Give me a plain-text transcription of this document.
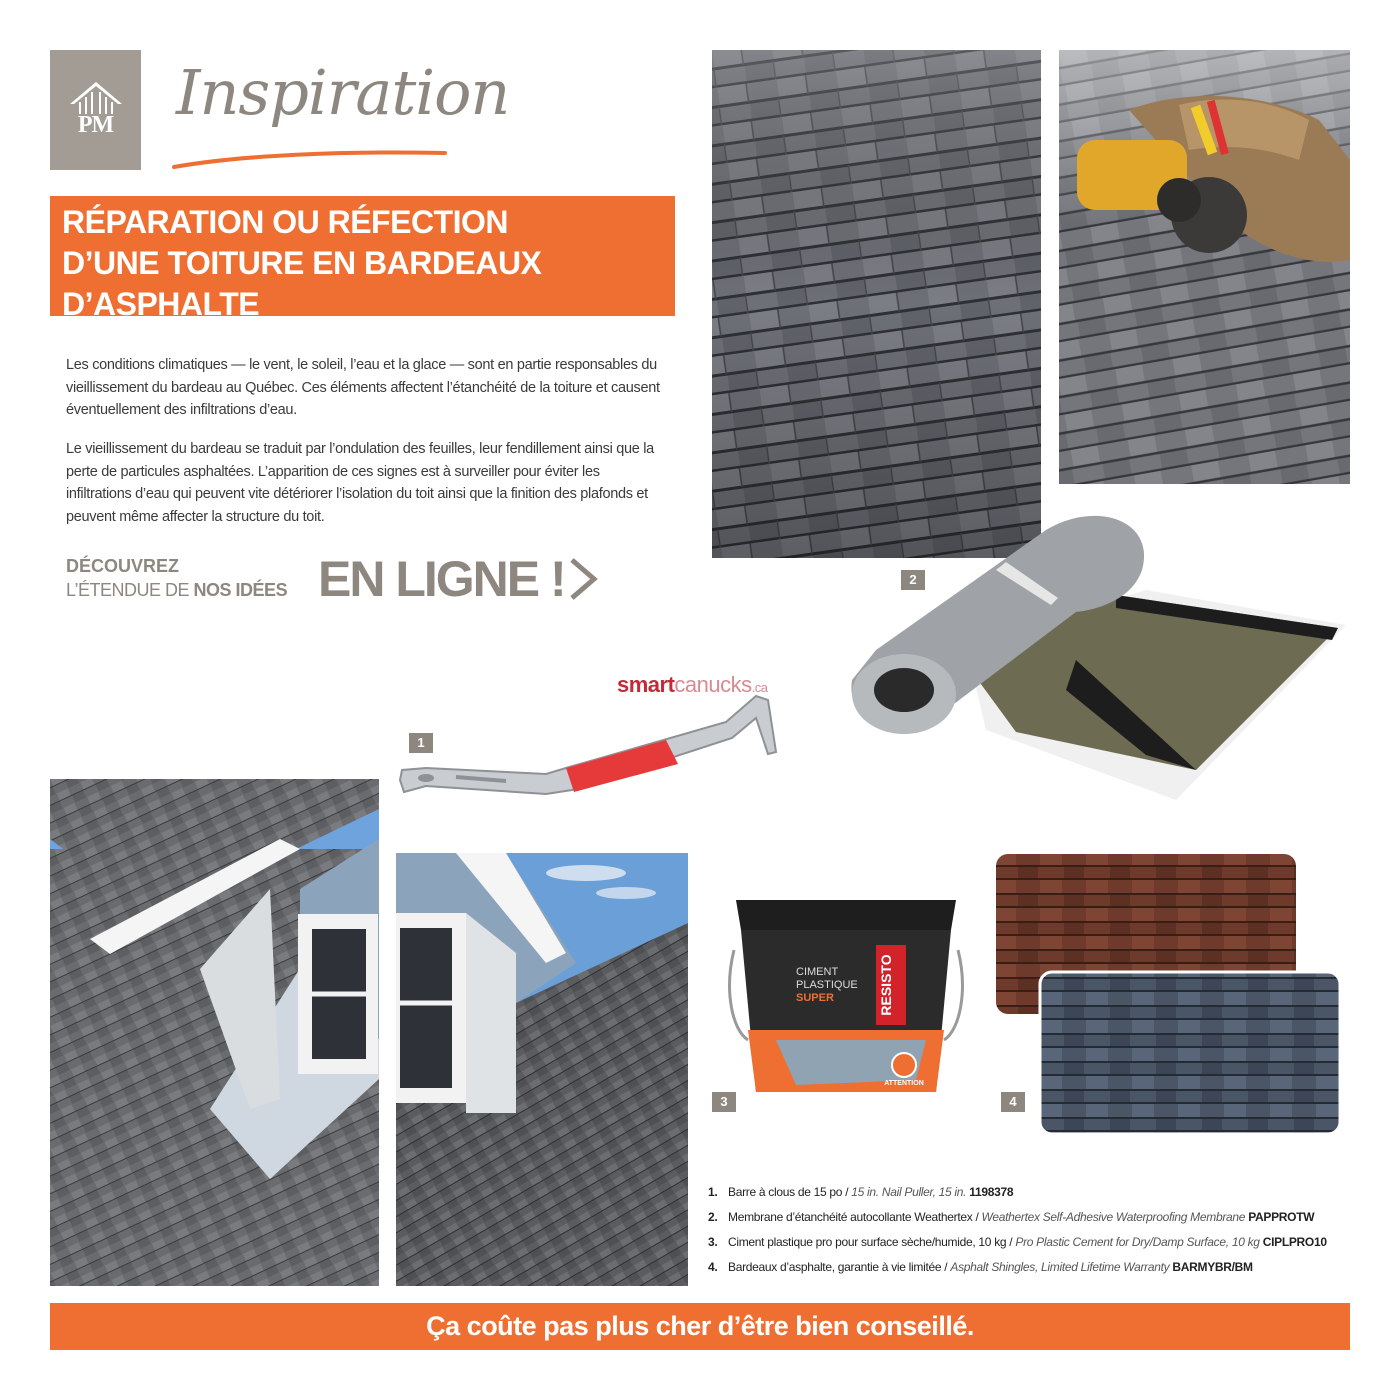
PM	Inspiration
RÉPARATION OU RÉFECTION
D’UNE TOITURE EN BARDEAUX
D’ASPHALTE

Les conditions climatiques — le vent, le soleil, l’eau et la glace — sont en partie responsables du vieillissement du bardeau au Québec. Ces éléments affectent l’étanchéité de la toiture et causent éventuellement des infiltrations d’eau.

Le vieillissement du bardeau se traduit par l’ondulation des feuilles, leur fendillement ainsi que la perte de particules asphaltées. L’apparition de ces signes est à surveiller pour éviter les infiltrations d’eau qui peuvent vite détériorer l’isolation du toit ainsi que la finition des plafonds et peuvent même affecter la structure du toit.

DÉCOUVREZ
L’ÉTENDUE DE NOS IDÉES EN LIGNE !
1
2
3	4
smartcanucks.ca
RESISTO
CIMENT
PLASTIQUE
SUPER
ATTENTION
1. Barre à clous de 15 po / 15 in. Nail Puller, 15 in. 1198378
2. Membrane d’étanchéité autocollante Weathertex / Weathertex Self-Adhesive Waterproofing Membrane PAPPROTW
3. Ciment plastique pro pour surface sèche/humide, 10 kg / Pro Plastic Cement for Dry/Damp Surface, 10 kg CIPLPRO10
4. Bardeaux d’asphalte, garantie à vie limitée / Asphalt Shingles, Limited Lifetime Warranty BARMYBR/BM
Ça coûte pas plus cher d’être bien conseillé.
